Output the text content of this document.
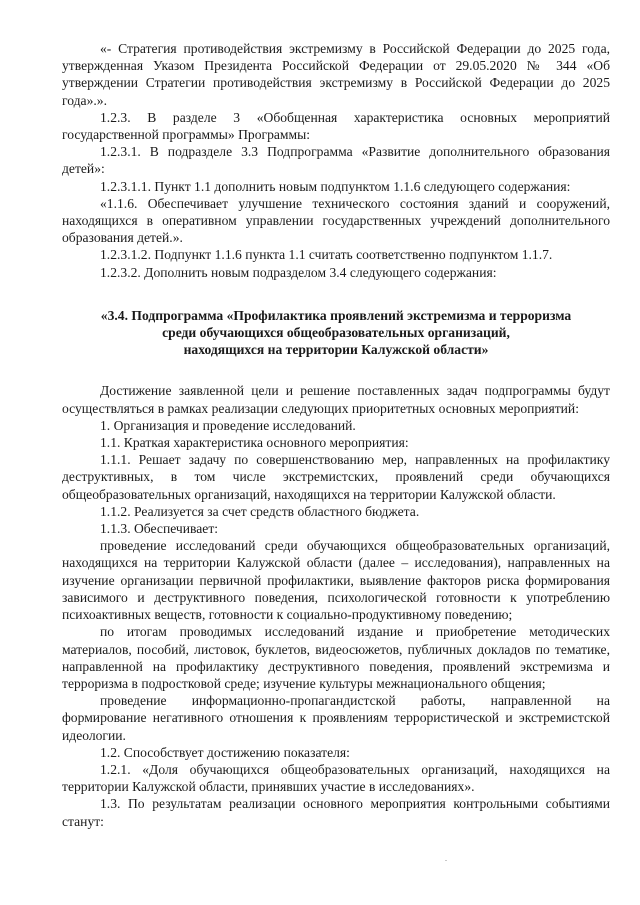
«- Стратегия противодействия экстремизму в Российской Федерации до 2025 года, утвержденная Указом Президента Российской Федерации от 29.05.2020 № 344 «Об утверждении Стратегии противодействия экстремизму в Российской Федерации до 2025 года».».

1.2.3. В разделе 3 «Обобщенная характеристика основных мероприятий государственной программы» Программы:

1.2.3.1. В подразделе 3.3 Подпрограмма «Развитие дополнительного образования детей»:

1.2.3.1.1. Пункт 1.1 дополнить новым подпунктом 1.1.6 следующего содержания:

«1.1.6. Обеспечивает улучшение технического состояния зданий и сооружений, находящихся в оперативном управлении государственных учреждений дополнительного образования детей.».

1.2.3.1.2. Подпункт 1.1.6 пункта 1.1 считать соответственно подпунктом 1.1.7.

1.2.3.2. Дополнить новым подразделом 3.4 следующего содержания:

«3.4. Подпрограмма «Профилактика проявлений экстремизма и терроризма
среди обучающихся общеобразовательных организаций,
находящихся на территории Калужской области»

Достижение заявленной цели и решение поставленных задач подпрограммы будут осуществляться в рамках реализации следующих приоритетных основных мероприятий:

1. Организация и проведение исследований.

1.1. Краткая характеристика основного мероприятия:

1.1.1. Решает задачу по совершенствованию мер, направленных на профилактику деструктивных, в том числе экстремистских, проявлений среди обучающихся общеобразовательных организаций, находящихся на территории Калужской области.

1.1.2. Реализуется за счет средств областного бюджета.

1.1.3. Обеспечивает:

проведение исследований среди обучающихся общеобразовательных организаций, находящихся на территории Калужской области (далее – исследования), направленных на изучение организации первичной профилактики, выявление факторов риска формирования зависимого и деструктивного поведения, психологической готовности к употреблению психоактивных веществ, готовности к социально-продуктивному поведению;

по итогам проводимых исследований издание и приобретение методических материалов, пособий, листовок, буклетов, видеосюжетов, публичных докладов по тематике, направленной на профилактику деструктивного поведения, проявлений экстремизма и терроризма в подростковой среде; изучение культуры межнационального общения;

проведение информационно-пропагандистской работы, направленной на формирование негативного отношения к проявлениям террористической и экстремистской идеологии.

1.2. Способствует достижению показателя:

1.2.1. «Доля обучающихся общеобразовательных организаций, находящихся на территории Калужской области, принявших участие в исследованиях».

1.3. По результатам реализации основного мероприятия контрольными событиями станут:
